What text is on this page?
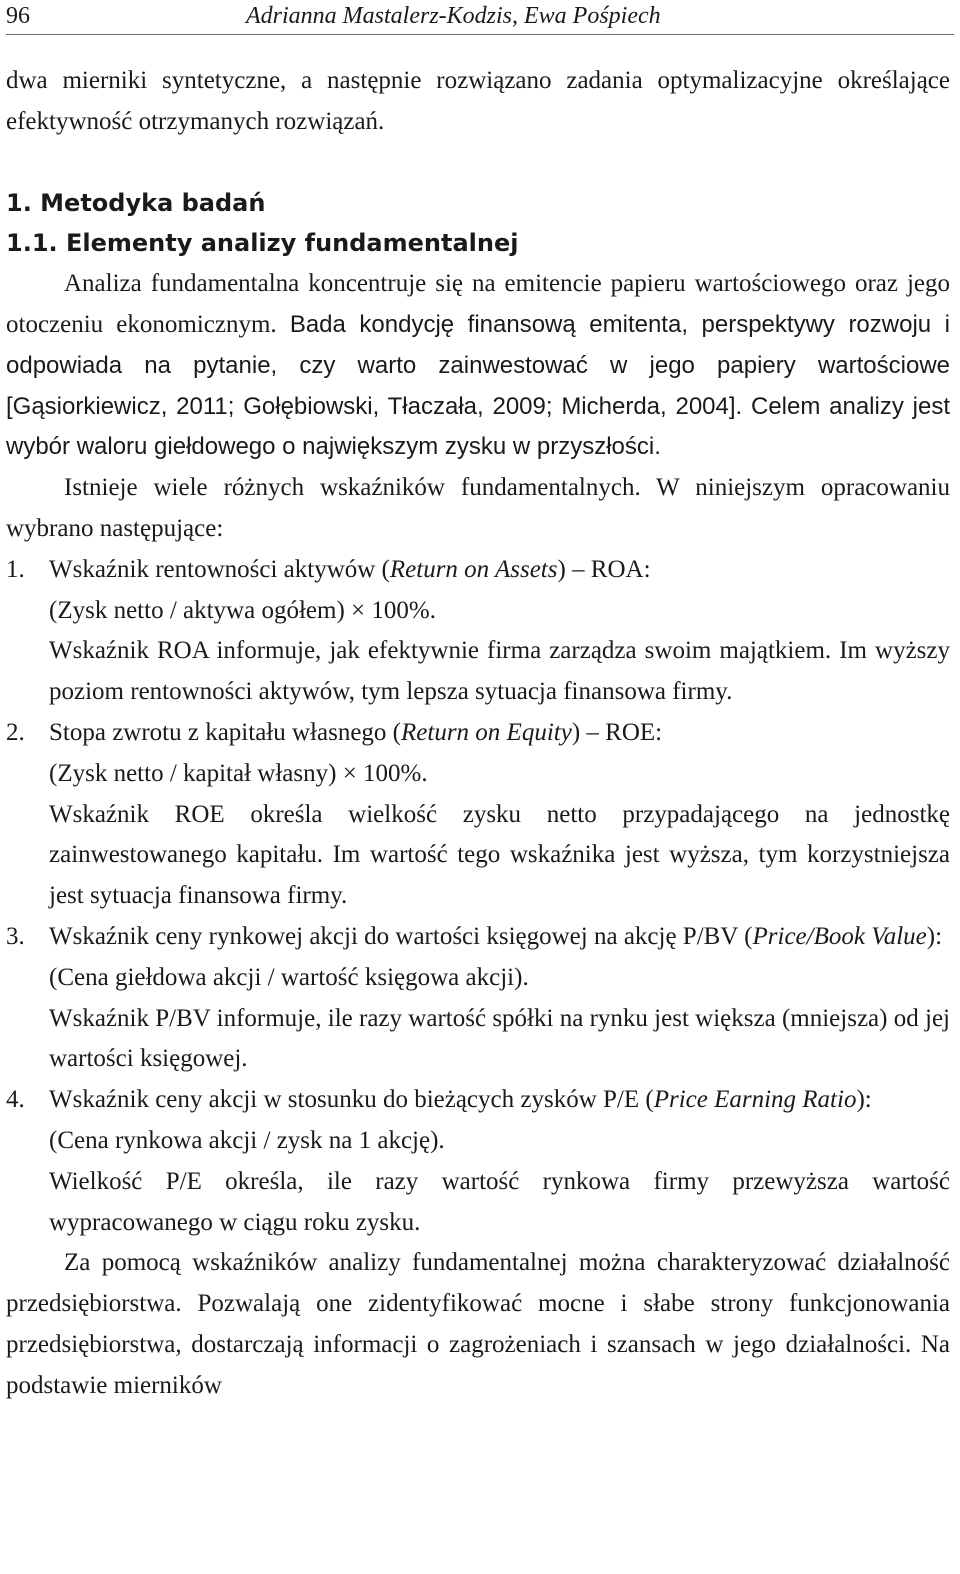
96	Adrianna Mastalerz-Kodzis, Ewa Pośpiech

dwa mierniki syntetyczne, a następnie rozwiązano zadania optymalizacyjne określające efektywność otrzymanych rozwiązań.

1. Metodyka badań

1.1. Elementy analizy fundamentalnej

Analiza fundamentalna koncentruje się na emitencie papieru wartościowego oraz jego otoczeniu ekonomicznym. Bada kondycję finansową emitenta, perspektywy rozwoju i odpowiada na pytanie, czy warto zainwestować w jego papiery wartościowe [Gąsiorkiewicz, 2011; Gołębiowski, Tłaczała, 2009; Micherda, 2004]. Celem analizy jest wybór waloru giełdowego o największym zysku w przyszłości.

Istnieje wiele różnych wskaźników fundamentalnych. W niniejszym opracowaniu wybrano następujące:

1. Wskaźnik rentowności aktywów (Return on Assets) – ROA:

(Zysk netto / aktywa ogółem) × 100%.

Wskaźnik ROA informuje, jak efektywnie firma zarządza swoim majątkiem. Im wyższy poziom rentowności aktywów, tym lepsza sytuacja finansowa firmy.

2. Stopa zwrotu z kapitału własnego (Return on Equity) – ROE:

(Zysk netto / kapitał własny) × 100%.

Wskaźnik ROE określa wielkość zysku netto przypadającego na jednostkę zainwestowanego kapitału. Im wartość tego wskaźnika jest wyższa, tym korzystniejsza jest sytuacja finansowa firmy.

3. Wskaźnik ceny rynkowej akcji do wartości księgowej na akcję P/BV (Price/Book Value):

(Cena giełdowa akcji / wartość księgowa akcji).

Wskaźnik P/BV informuje, ile razy wartość spółki na rynku jest większa (mniejsza) od jej wartości księgowej.

4. Wskaźnik ceny akcji w stosunku do bieżących zysków P/E (Price Earning Ratio):

(Cena rynkowa akcji / zysk na 1 akcję).

Wielkość P/E określa, ile razy wartość rynkowa firmy przewyższa wartość wypracowanego w ciągu roku zysku.

Za pomocą wskaźników analizy fundamentalnej można charakteryzować działalność przedsiębiorstwa. Pozwalają one zidentyfikować mocne i słabe strony funkcjonowania przedsiębiorstwa, dostarczają informacji o zagrożeniach i szansach w jego działalności. Na podstawie mierników
